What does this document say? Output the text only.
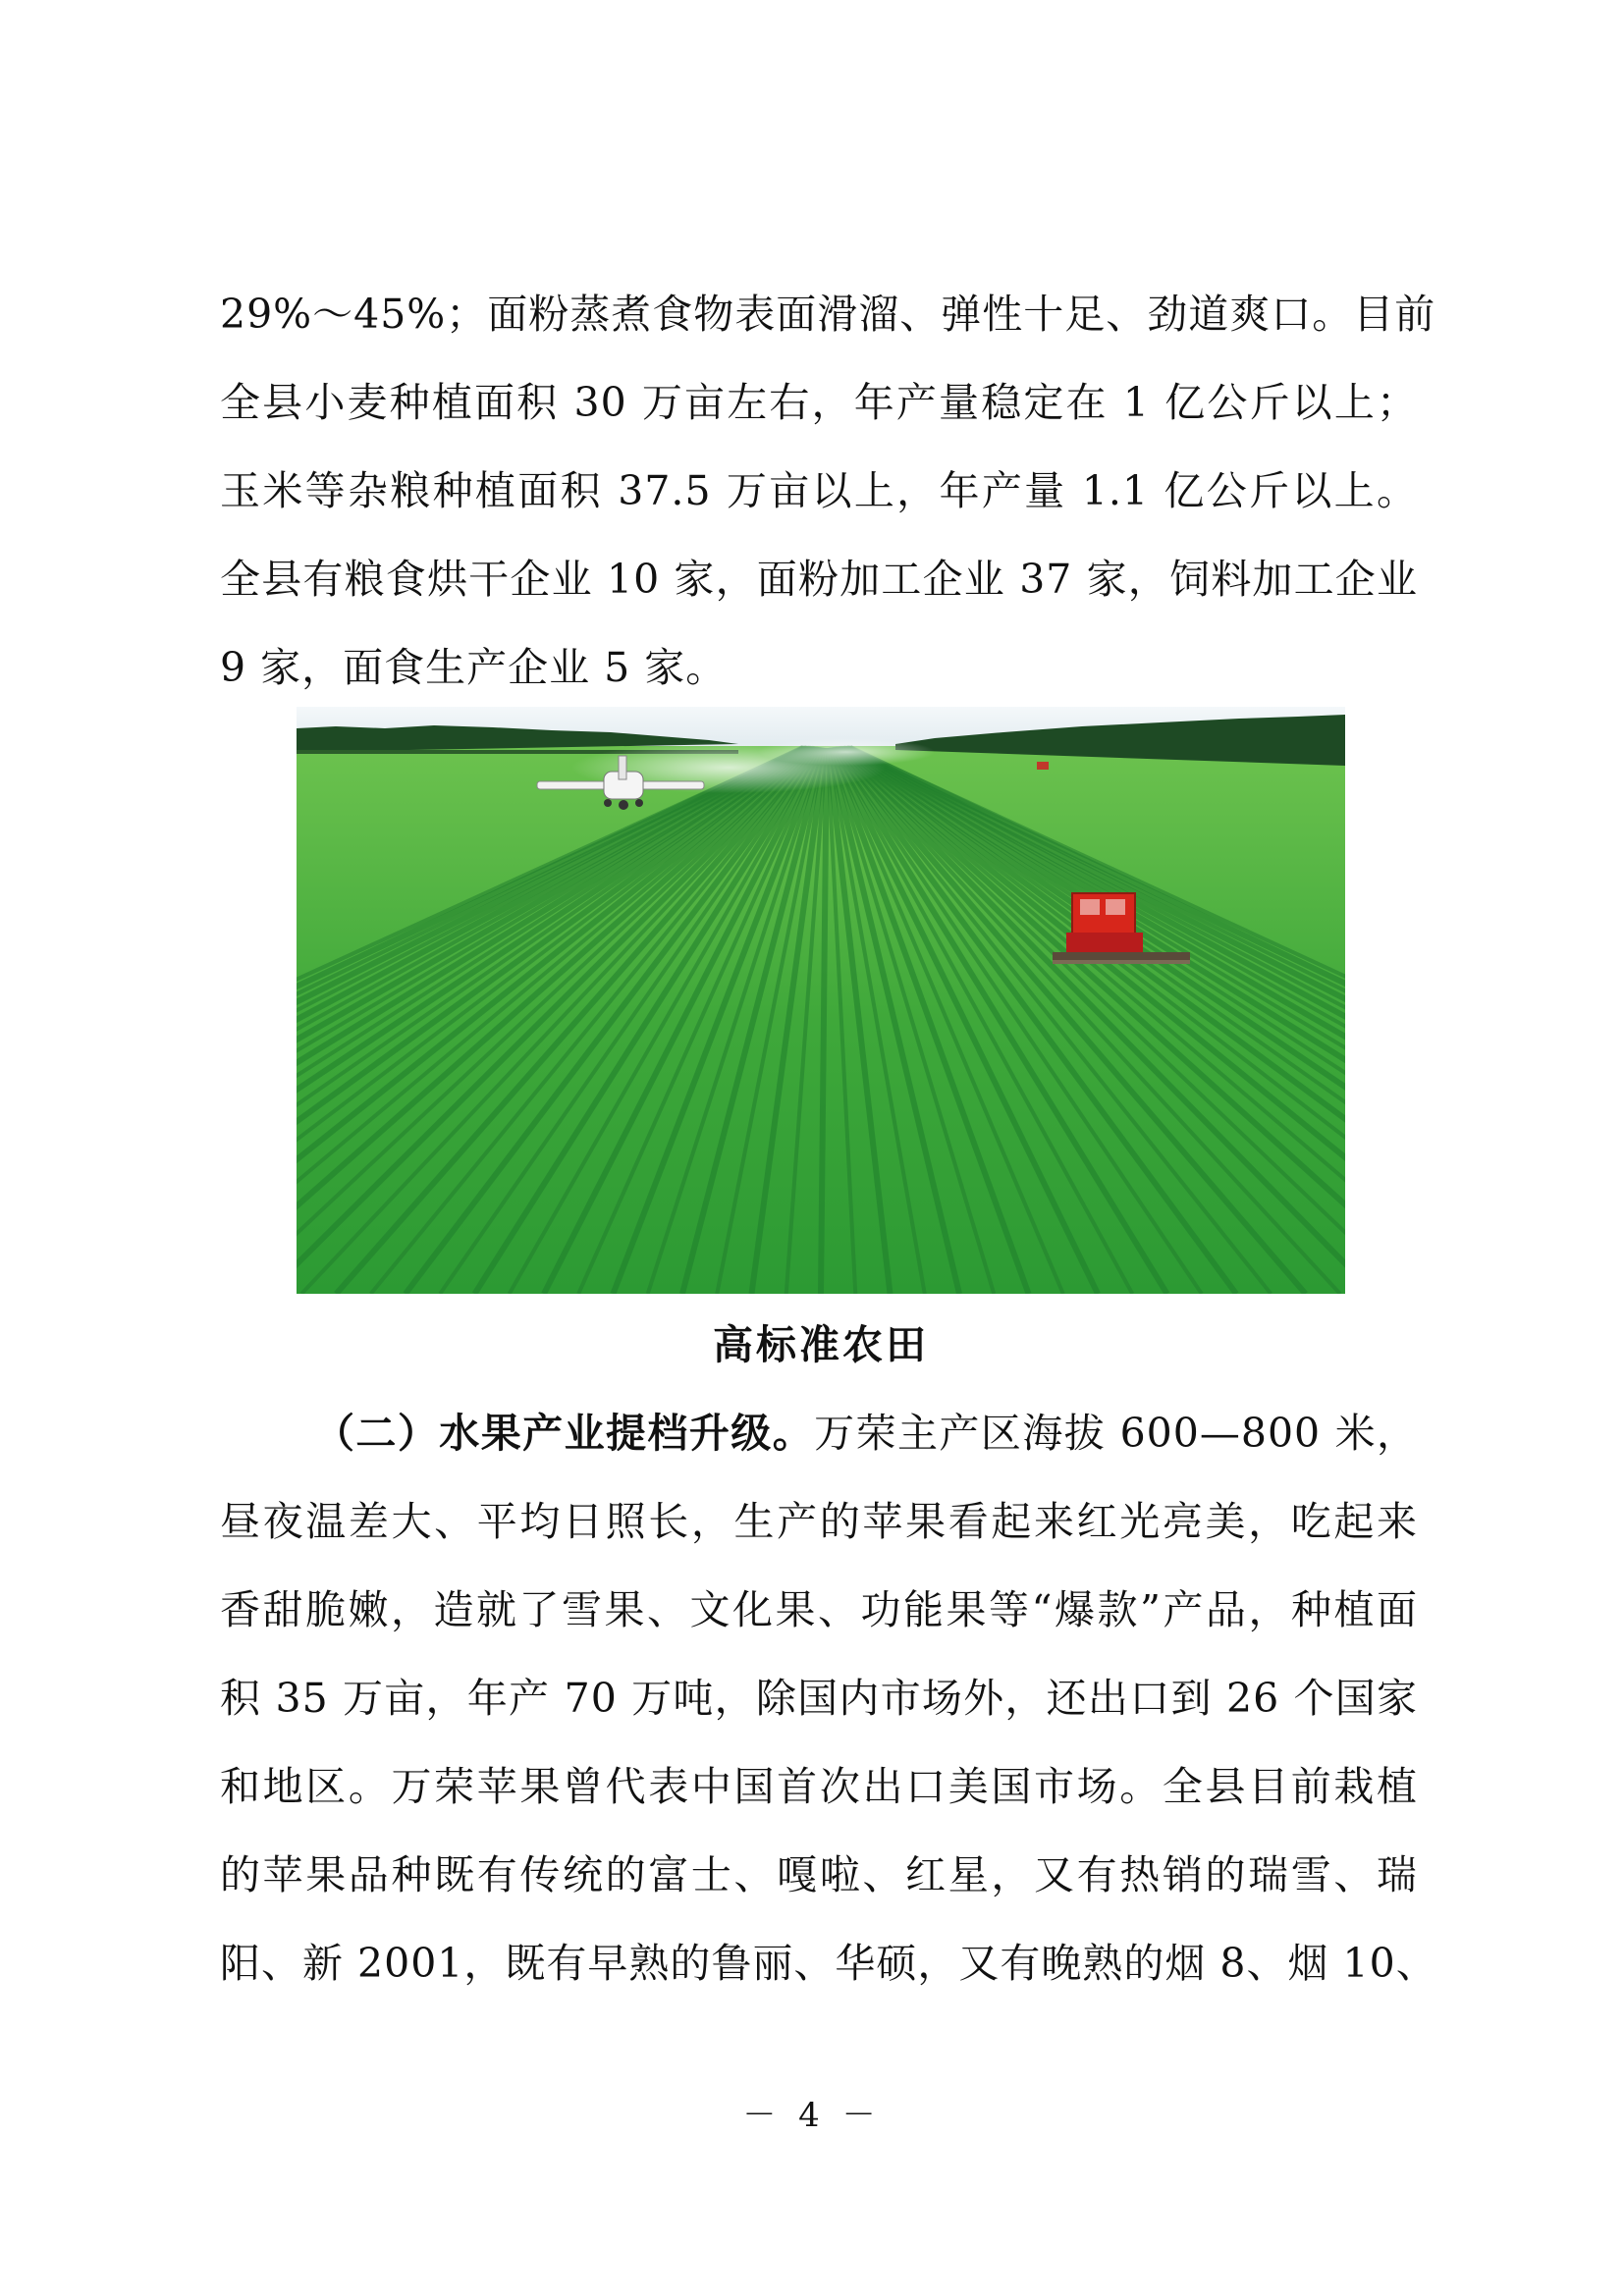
29%～45%；面粉蒸煮食物表面滑溜、弹性十足、劲道爽口。目前
全县小麦种植面积 30 万亩左右，年产量稳定在 1 亿公斤以上；
玉米等杂粮种植面积 37.5 万亩以上，年产量 1.1 亿公斤以上。
全县有粮食烘干企业 10 家，面粉加工企业 37 家，饲料加工企业
9 家，面食生产企业 5 家。
高标准农田
（二）水果产业提档升级。万荣主产区海拔 600—800 米，
昼夜温差大、平均日照长，生产的苹果看起来红光亮美，吃起来
香甜脆嫩，造就了雪果、文化果、功能果等“爆款”产品，种植面
积 35 万亩，年产 70 万吨，除国内市场外，还出口到 26 个国家
和地区。万荣苹果曾代表中国首次出口美国市场。全县目前栽植
的苹果品种既有传统的富士、嘎啦、红星，又有热销的瑞雪、瑞
阳、新 2001，既有早熟的鲁丽、华硕，又有晚熟的烟 8、烟 10、
－ 4 －
